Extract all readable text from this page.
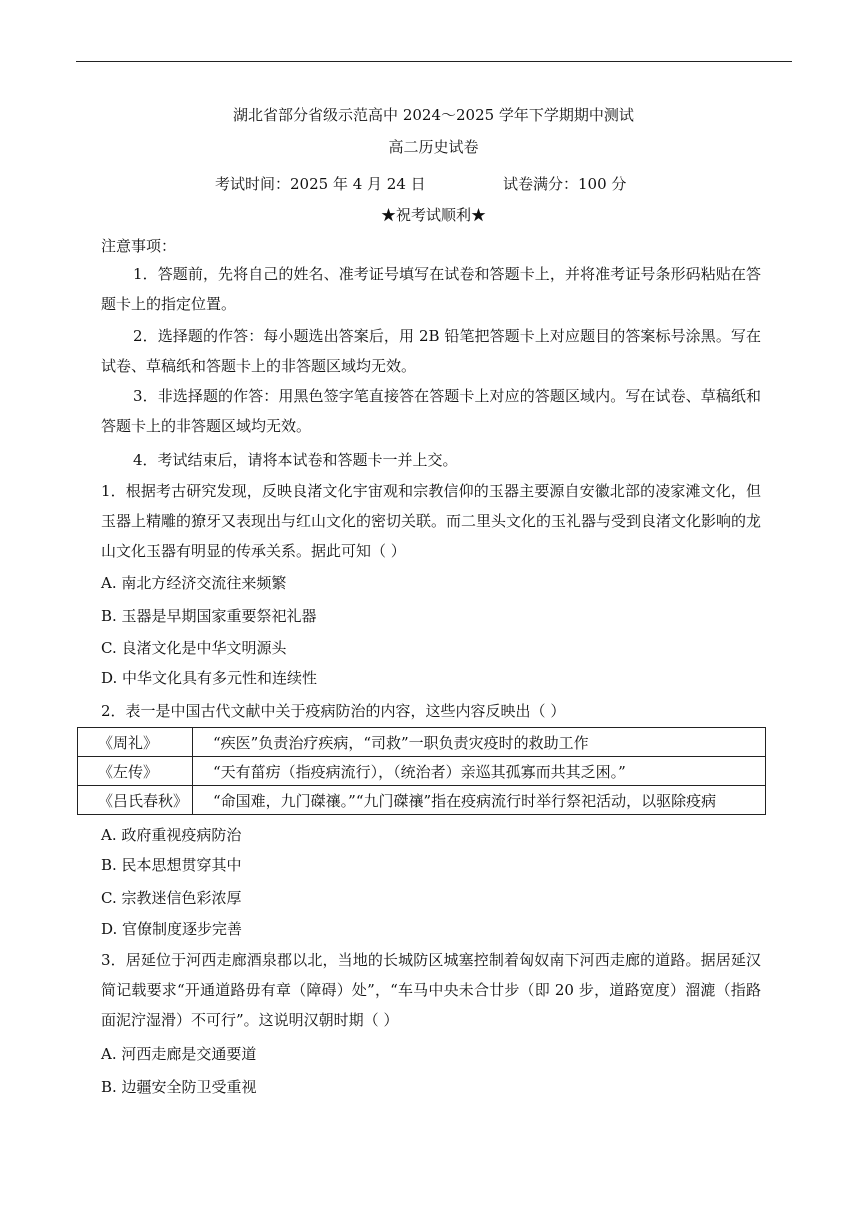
湖北省部分省级示范高中 2024～2025 学年下学期期中测试
高二历史试卷
考试时间：2025 年 4 月 24 日	试卷满分：100 分
★祝考试顺利★
注意事项：
1．答题前，先将自己的姓名、准考证号填写在试卷和答题卡上，并将准考证号条形码粘贴在答题卡上的指定位置。
2．选择题的作答：每小题选出答案后，用 2B 铅笔把答题卡上对应题目的答案标号涂黑。写在试卷、草稿纸和答题卡上的非答题区域均无效。
3．非选择题的作答：用黑色签字笔直接答在答题卡上对应的答题区域内。写在试卷、草稿纸和答题卡上的非答题区域均无效。
4．考试结束后，请将本试卷和答题卡一并上交。
1．根据考古研究发现，反映良渚文化宇宙观和宗教信仰的玉器主要源自安徽北部的凌家滩文化，但玉器上精雕的獠牙又表现出与红山文化的密切关联。而二里头文化的玉礼器与受到良渚文化影响的龙山文化玉器有明显的传承关系。据此可知（ ）
A. 南北方经济交流往来频繁
B. 玉器是早期国家重要祭祀礼器
C. 良渚文化是中华文明源头
D. 中华文化具有多元性和连续性
2．表一是中国古代文献中关于疫病防治的内容，这些内容反映出（ ）
《周礼》	“疾医”负责治疗疾病，“司救”一职负责灾疫时的救助工作
《左传》	“天有菑疠（指疫病流行），（统治者）亲巡其孤寡而共其乏困。”
《吕氏春秋》	“命国难，九门磔禳。”“九门磔禳”指在疫病流行时举行祭祀活动，以驱除疫病
A. 政府重视疫病防治
B. 民本思想贯穿其中
C. 宗教迷信色彩浓厚
D. 官僚制度逐步完善
3．居延位于河西走廊酒泉郡以北，当地的长城防区城塞控制着匈奴南下河西走廊的道路。据居延汉简记载要求“开通道路毋有章（障碍）处”，“车马中央未合廿步（即 20 步，道路宽度）溜漉（指路面泥泞湿滑）不可行”。这说明汉朝时期（ ）
A. 河西走廊是交通要道
B. 边疆安全防卫受重视
